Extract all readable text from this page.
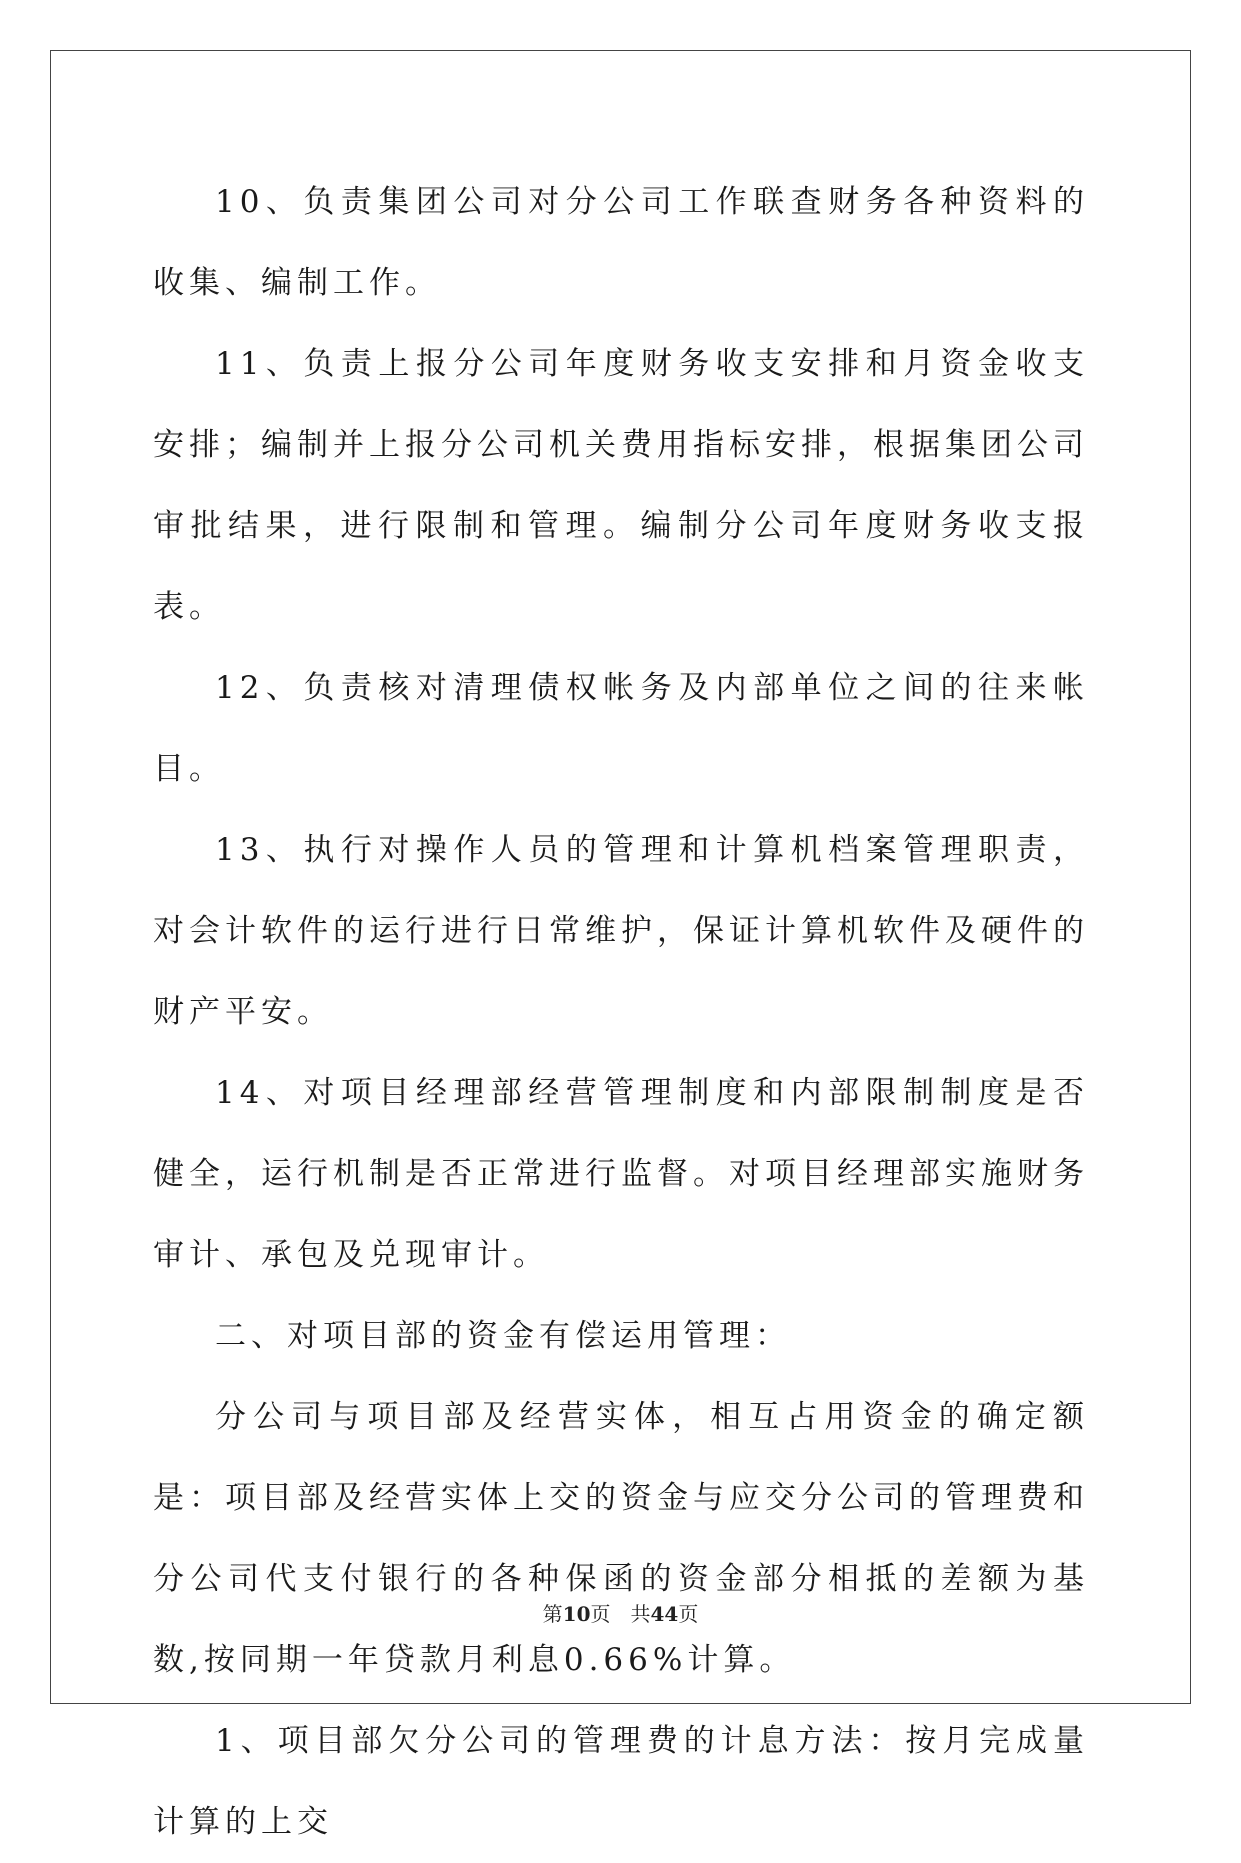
10、负责集团公司对分公司工作联查财务各种资料的收集、编制工作。

11、负责上报分公司年度财务收支安排和月资金收支安排；编制并上报分公司机关费用指标安排，根据集团公司审批结果，进行限制和管理。编制分公司年度财务收支报表。

12、负责核对清理债权帐务及内部单位之间的往来帐目。

13、执行对操作人员的管理和计算机档案管理职责，对会计软件的运行进行日常维护，保证计算机软件及硬件的财产平安。

14、对项目经理部经营管理制度和内部限制制度是否健全，运行机制是否正常进行监督。对项目经理部实施财务审计、承包及兑现审计。

二、对项目部的资金有偿运用管理：

分公司与项目部及经营实体，相互占用资金的确定额是：项目部及经营实体上交的资金与应交分公司的管理费和分公司代支付银行的各种保函的资金部分相抵的差额为基数,按同期一年贷款月利息0.66%计算。

1、项目部欠分公司的管理费的计息方法：按月完成量计算的上交

第10页　共44页
